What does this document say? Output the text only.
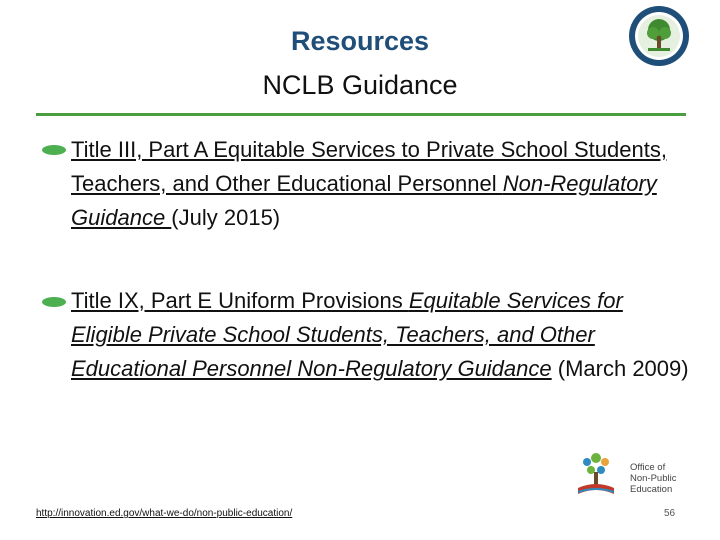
Resources
NCLB Guidance
Title III, Part A Equitable Services to Private School Students, Teachers, and Other Educational Personnel Non-Regulatory Guidance (July 2015)
Title IX, Part E Uniform Provisions Equitable Services for Eligible Private School Students, Teachers, and Other Educational Personnel Non-Regulatory Guidance (March 2009)
Office of
Non-Public
Education
http://innovation.ed.gov/what-we-do/non-public-education/	56
